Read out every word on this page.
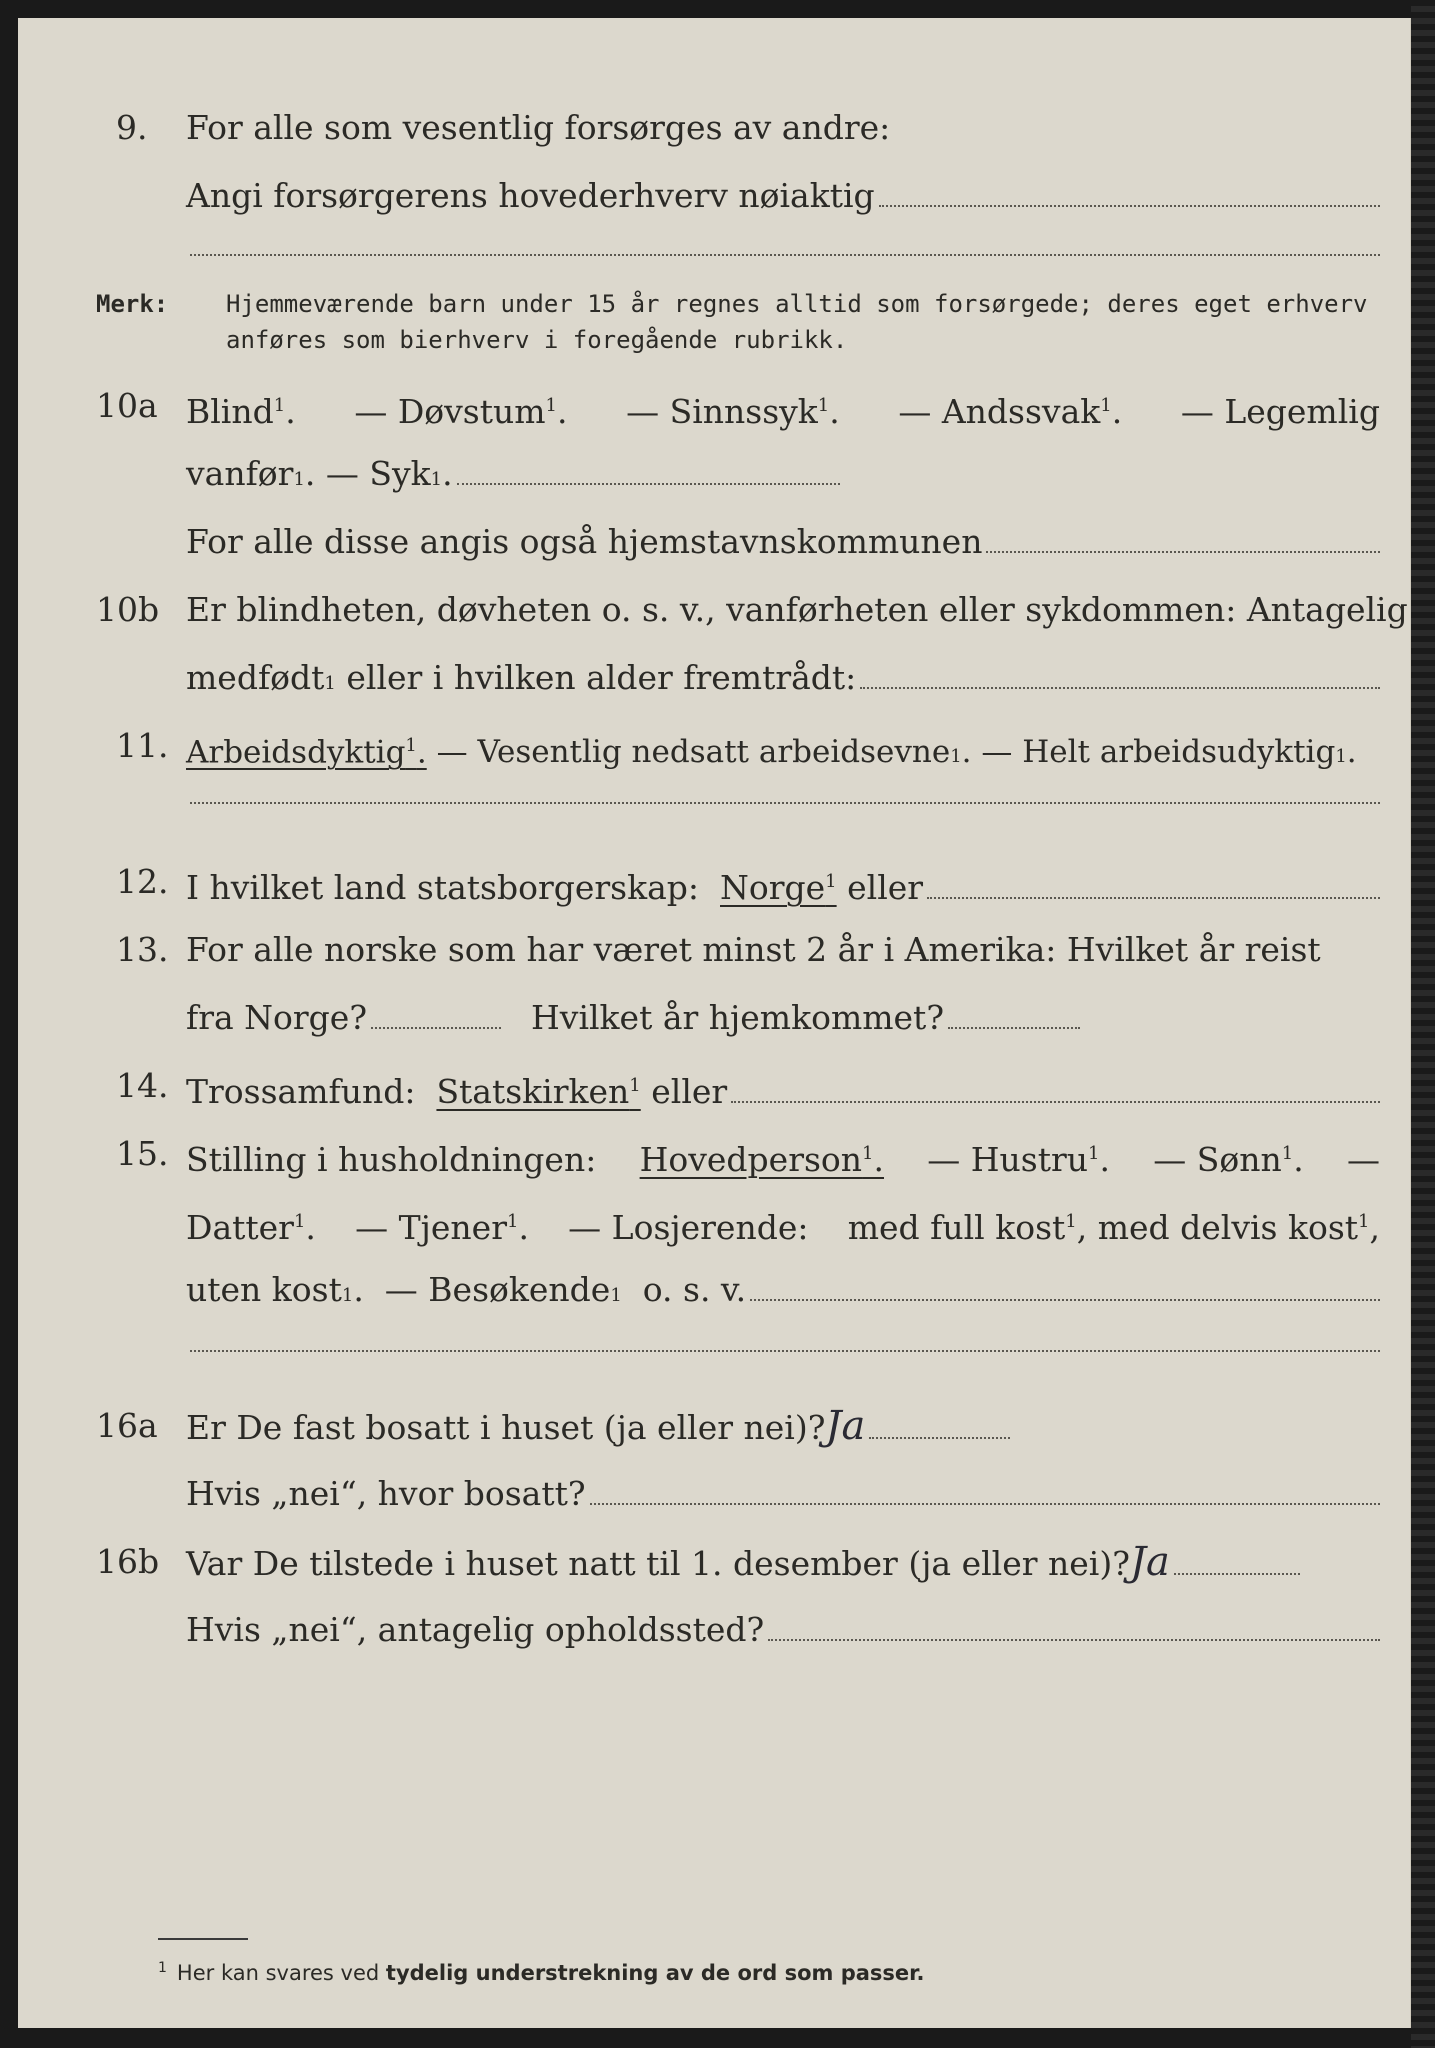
9.	For alle som vesentlig forsørges av andre:
Angi forsørgerens hovederhverv nøiaktig
Merk: Hjemmeværende barn under 15 år regnes alltid som forsørgede; deres eget erhverv
anføres som bierhverv i foregående rubrikk.
10a Blind$^1$. — Døvstum$^1$. — Sinnssyk$^1$. — Andssvak$^1$. — Legemlig
vanfør 1 . — Syk 1 .
For alle disse angis også hjemstavnskommunen
10b Er blindheten, døvheten o. s. v., vanførheten eller sykdommen: Antagelig
medfødt 1
eller i hvilken alder fremtrådt:
11. Arbeidsdyktig$^1$.
— Vesentlig nedsatt arbeidsevne 1 . — Helt arbeidsudyktig 1 .
12. I hvilket land statsborgerskap:
Norge$^1$
eller
13. For alle norske som har været minst 2 år i Amerika: Hvilket år reist
fra Norge?	Hvilket år hjemkommet?
14. Trossamfund:
Statskirken$^1$
eller
15. Stilling i husholdningen: Hovedperson$^1$. — Hustru$^1$. — Sønn$^1$. —
Datter$^1$. — Tjener$^1$. — Losjerende: med full kost$^1$, med delvis kost$^1$,
uten kost 1 . — Besøkende 1
o. s. v.
16a Er De fast bosatt i huset (ja eller nei)? Ja
Hvis „nei“, hvor bosatt?
16b Var De tilstede i huset natt til 1. desember (ja eller nei)? Ja
Hvis „nei“, antagelig opholdssted?
$^1$ Her kan svares ved tydelig understrekning av de ord som passer.
